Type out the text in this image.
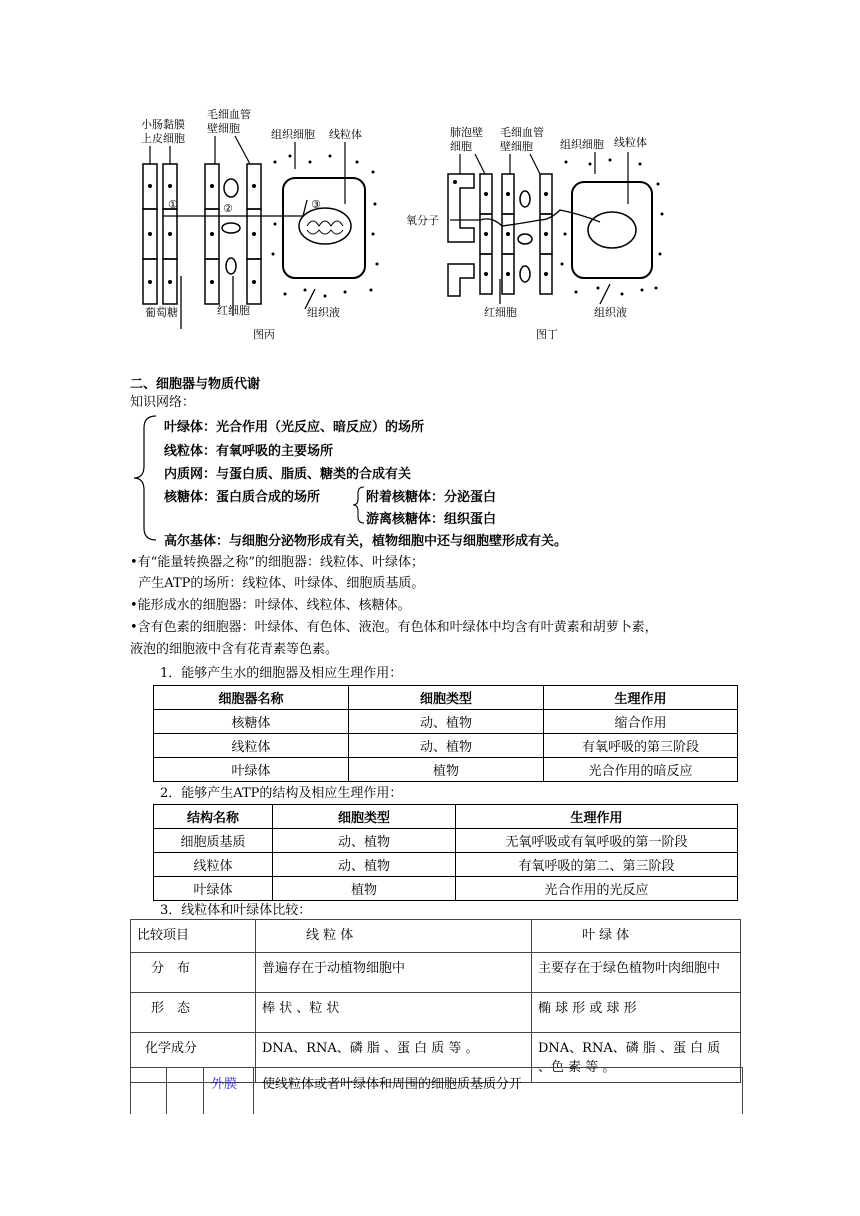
小肠黏膜
上皮细胞
毛细血管
壁细胞	组织细胞 线粒体
①	②	③
葡萄糖	红细胞	组织液
图丙
肺泡壁
细胞
毛细血管
壁细胞 组织细胞 线粒体
氧分子
红细胞	组织液
图丁
二、细胞器与物质代谢
知识网络：
叶绿体：光合作用（光反应、暗反应）的场所
线粒体：有氧呼吸的主要场所
内质网：与蛋白质、脂质、糖类的合成有关
核糖体：蛋白质合成的场所	附着核糖体：分泌蛋白
游离核糖体：组织蛋白
高尔基体：与细胞分泌物形成有关，植物细胞中还与细胞壁形成有关。
•有“能量转换器之称”的细胞器：线粒体、叶绿体；
产生ATP的场所：线粒体、叶绿体、细胞质基质。
•能形成水的细胞器：叶绿体、线粒体、核糖体。
•含有色素的细胞器：叶绿体、有色体、液泡。有色体和叶绿体中均含有叶黄素和胡萝卜素，
液泡的细胞液中含有花青素等色素。
1．能够产生水的细胞器及相应生理作用：
细胞器名称	细胞类型	生理作用
核糖体	动、植物	缩合作用
线粒体	动、植物	有氧呼吸的第三阶段
叶绿体	植物	光合作用的暗反应
2．能够产生ATP的结构及相应生理作用：
结构名称	细胞类型	生理作用
细胞质基质	动、植物	无氧呼吸或有氧呼吸的第一阶段
线粒体	动、植物	有氧呼吸的第二、第三阶段
叶绿体	植物	光合作用的光反应
3．线粒体和叶绿体比较：
比较项目	线 粒 体	叶 绿 体
分　布	普遍存在于动植物细胞中	主要存在于绿色植物叶肉细胞中
形　态	棒 状 、粒 状	椭 球 形 或 球 形
化学成分	DNA、RNA、磷 脂 、蛋 白 质 等 。	DNA、RNA、磷 脂 、蛋 白 质 、色 素 等 。
外膜 使线粒体或者叶绿体和周围的细胞质基质分开
